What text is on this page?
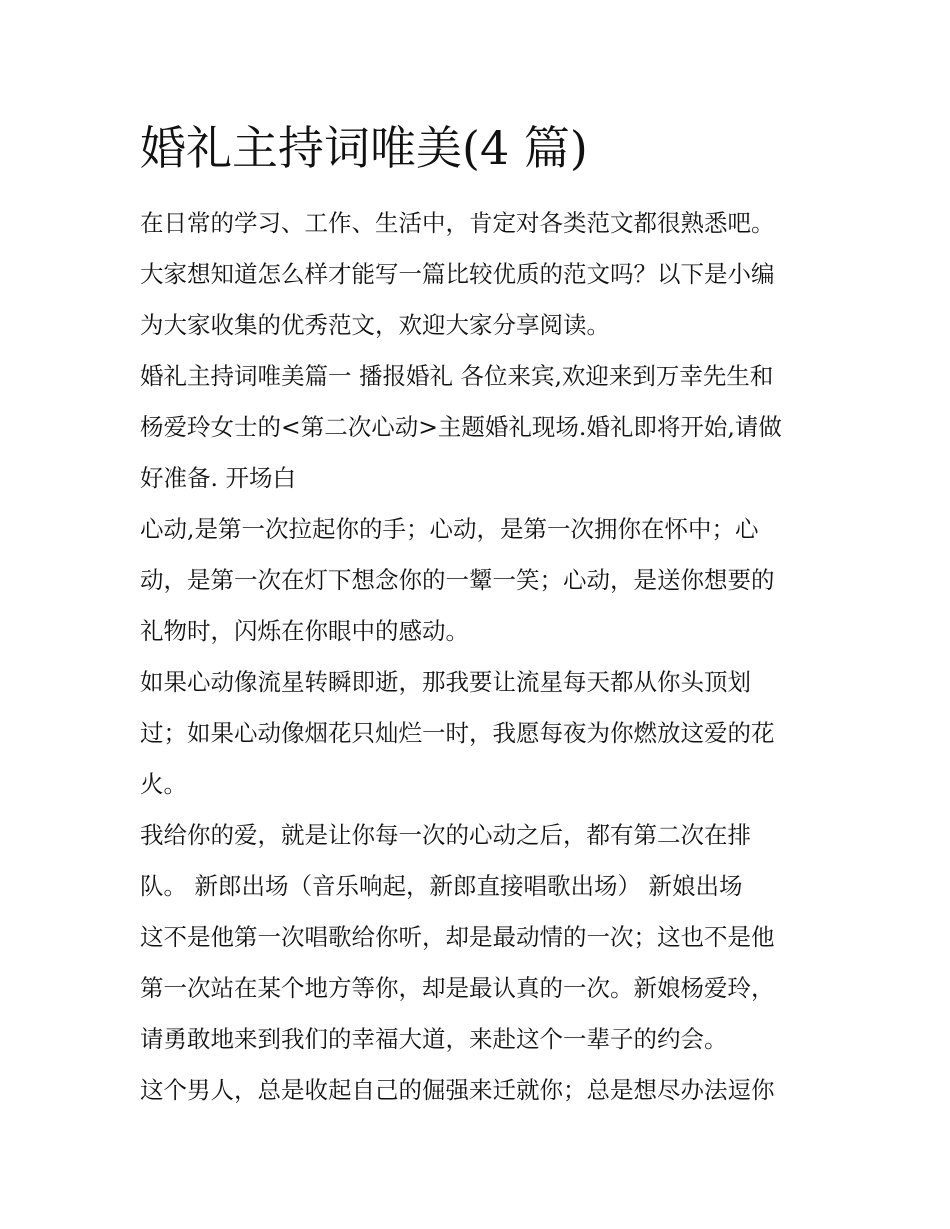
婚礼主持词唯美(4 篇)
在日常的学习、工作、生活中，肯定对各类范文都很熟悉吧。
大家想知道怎么样才能写一篇比较优质的范文吗？以下是小编
为大家收集的优秀范文，欢迎大家分享阅读。
婚礼主持词唯美篇一 播报婚礼 各位来宾,欢迎来到万幸先生和
杨爱玲女士的<第二次心动>主题婚礼现场.婚礼即将开始,请做
好准备. 开场白
心动,是第一次拉起你的手；心动，是第一次拥你在怀中；心
动，是第一次在灯下想念你的一颦一笑；心动，是送你想要的
礼物时，闪烁在你眼中的感动。
如果心动像流星转瞬即逝，那我要让流星每天都从你头顶划
过；如果心动像烟花只灿烂一时，我愿每夜为你燃放这爱的花
火。
我给你的爱，就是让你每一次的心动之后，都有第二次在排
队。 新郎出场（音乐响起，新郎直接唱歌出场） 新娘出场
这不是他第一次唱歌给你听，却是最动情的一次；这也不是他
第一次站在某个地方等你，却是最认真的一次。新娘杨爱玲，
请勇敢地来到我们的幸福大道，来赴这个一辈子的约会。
这个男人，总是收起自己的倔强来迁就你；总是想尽办法逗你
